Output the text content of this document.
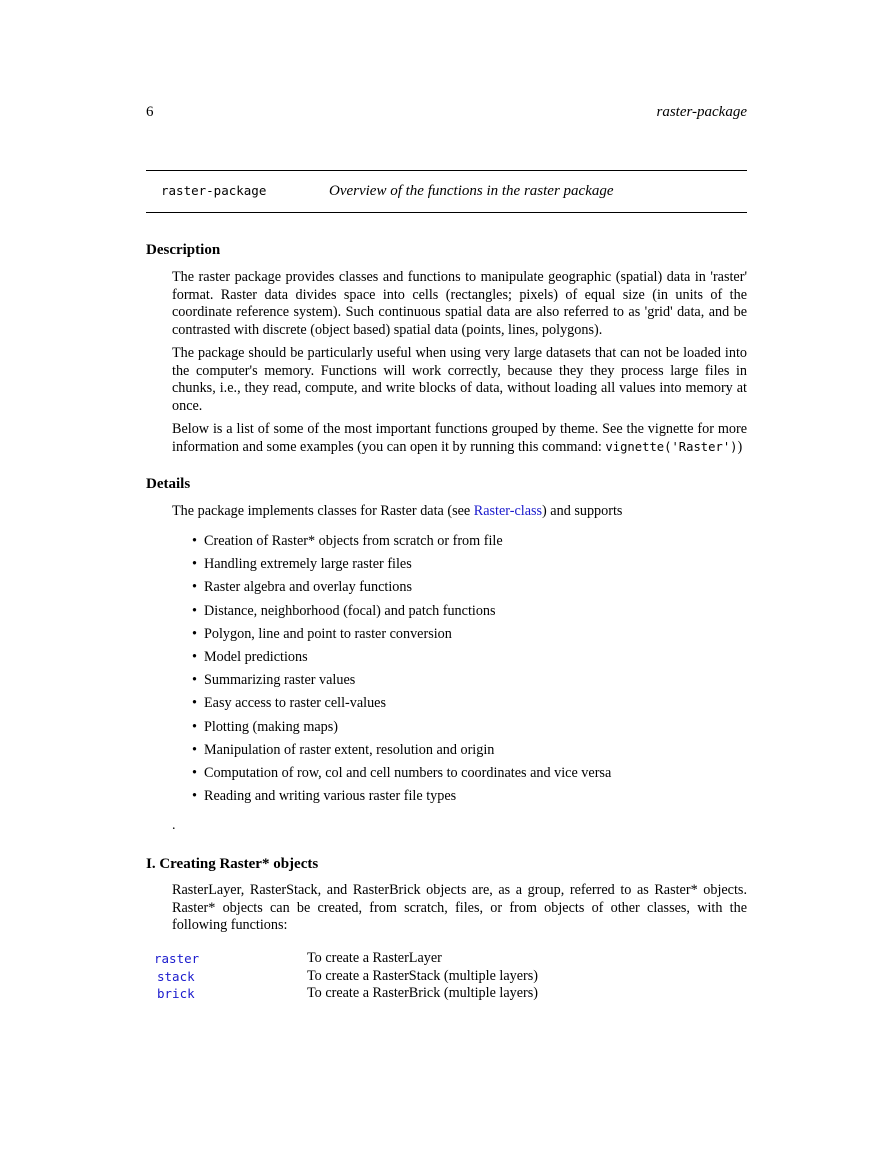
6	raster-package
raster-package	Overview of the functions in the raster package
Description
The raster package provides classes and functions to manipulate geographic (spatial) data in 'raster' format. Raster data divides space into cells (rectangles; pixels) of equal size (in units of the coordinate reference system). Such continuous spatial data are also referred to as 'grid' data, and be contrasted with discrete (object based) spatial data (points, lines, polygons).
The package should be particularly useful when using very large datasets that can not be loaded into the computer's memory. Functions will work correctly, because they they process large files in chunks, i.e., they read, compute, and write blocks of data, without loading all values into memory at once.
Below is a list of some of the most important functions grouped by theme. See the vignette for more information and some examples (you can open it by running this command: vignette('Raster'))
Details
The package implements classes for Raster data (see Raster-class) and supports
• Creation of Raster* objects from scratch or from file
• Handling extremely large raster files
• Raster algebra and overlay functions
• Distance, neighborhood (focal) and patch functions
• Polygon, line and point to raster conversion
• Model predictions
• Summarizing raster values
• Easy access to raster cell-values
• Plotting (making maps)
• Manipulation of raster extent, resolution and origin
• Computation of row, col and cell numbers to coordinates and vice versa
• Reading and writing various raster file types
.
I. Creating Raster* objects
RasterLayer, RasterStack, and RasterBrick objects are, as a group, referred to as Raster* objects. Raster* objects can be created, from scratch, files, or from objects of other classes, with the following functions:
raster	To create a RasterLayer
stack	To create a RasterStack (multiple layers)
brick	To create a RasterBrick (multiple layers)
